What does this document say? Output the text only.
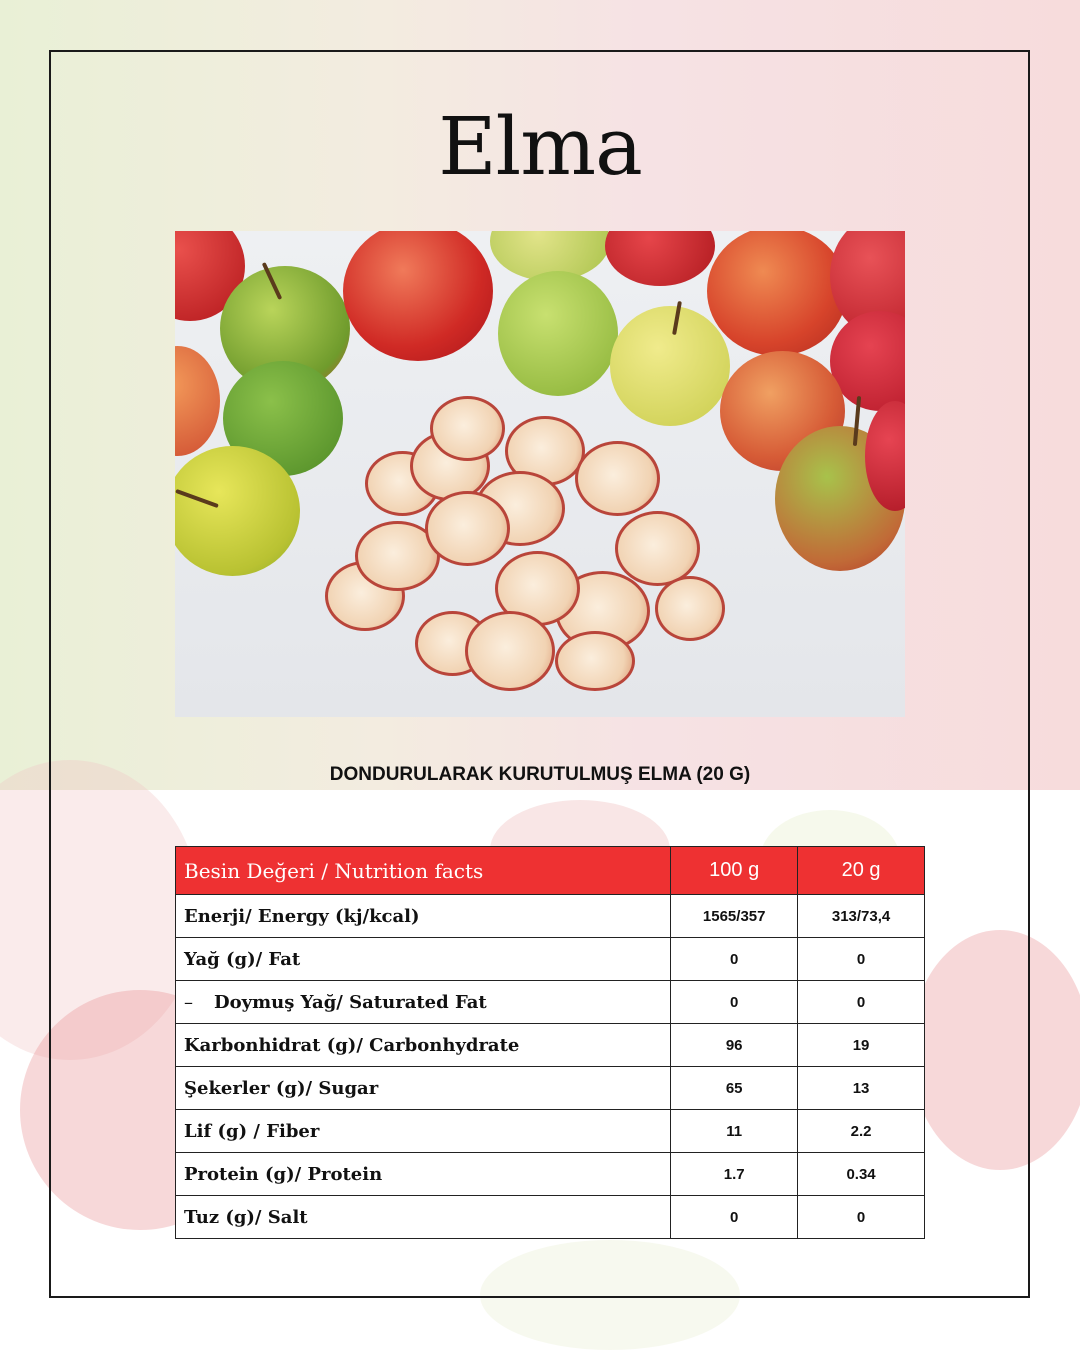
Elma
DONDURULARAK KURUTULMUŞ ELMA (20 G)
Besin Değeri / Nutrition facts	100 g	20 g
Enerji/ Energy (kj/kcal)	1565/357	313/73,4
Yağ (g)/ Fat	0	0
– Doymuş Yağ/ Saturated Fat	0	0
Karbonhidrat (g)/ Carbonhydrate	96	19
Şekerler (g)/ Sugar	65	13
Lif (g) / Fiber	11	2.2
Protein (g)/ Protein	1.7	0.34
Tuz (g)/ Salt	0	0
